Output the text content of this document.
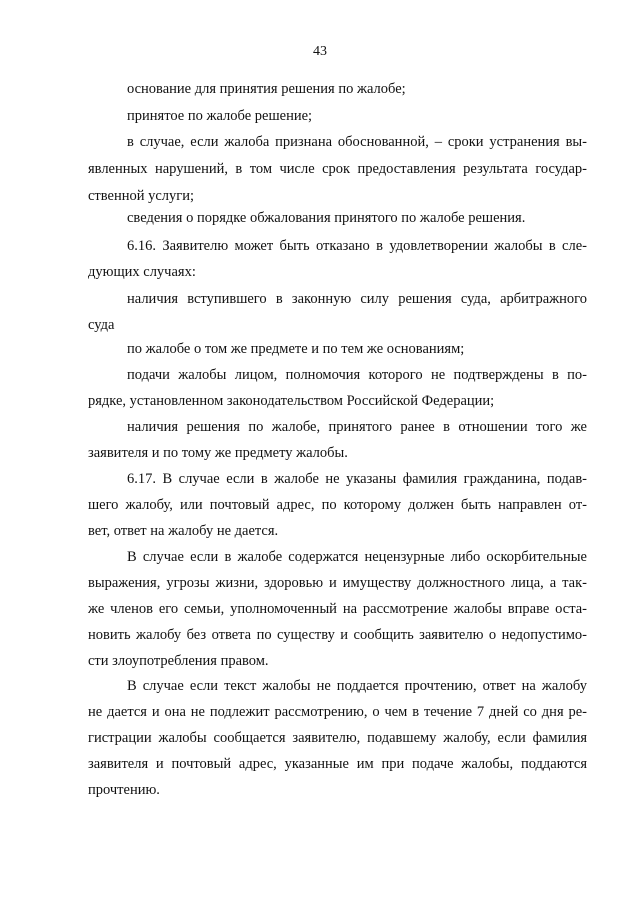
43
основание для принятия решения по жалобе;
принятое по жалобе решение;
в случае, если жалоба признана обоснованной, – сроки устранения вы-
явленных нарушений, в том числе срок предоставления результата государ-
ственной услуги;
сведения о порядке обжалования принятого по жалобе решения.
6.16. Заявителю может быть отказано в удовлетворении жалобы в сле-
дующих случаях:
наличия вступившего в законную силу решения суда, арбитражного
суда
по жалобе о том же предмете и по тем же основаниям;
подачи жалобы лицом, полномочия которого не подтверждены в по-
рядке, установленном законодательством Российской Федерации;
наличия решения по жалобе, принятого ранее в отношении того же
заявителя и по тому же предмету жалобы.
6.17. В случае если в жалобе не указаны фамилия гражданина, подав-
шего жалобу, или почтовый адрес, по которому должен быть направлен от-
вет, ответ на жалобу не дается.
В случае если в жалобе содержатся нецензурные либо оскорбительные
выражения, угрозы жизни, здоровью и имуществу должностного лица, а так-
же членов его семьи, уполномоченный на рассмотрение жалобы вправе оста-
новить жалобу без ответа по существу и сообщить заявителю о недопустимо-
сти злоупотребления правом.
В случае если текст жалобы не поддается прочтению, ответ на жалобу
не дается и она не подлежит рассмотрению, о чем в течение 7 дней со дня ре-
гистрации жалобы сообщается заявителю, подавшему жалобу, если фамилия
заявителя и почтовый адрес, указанные им при подаче жалобы, поддаются
прочтению.
